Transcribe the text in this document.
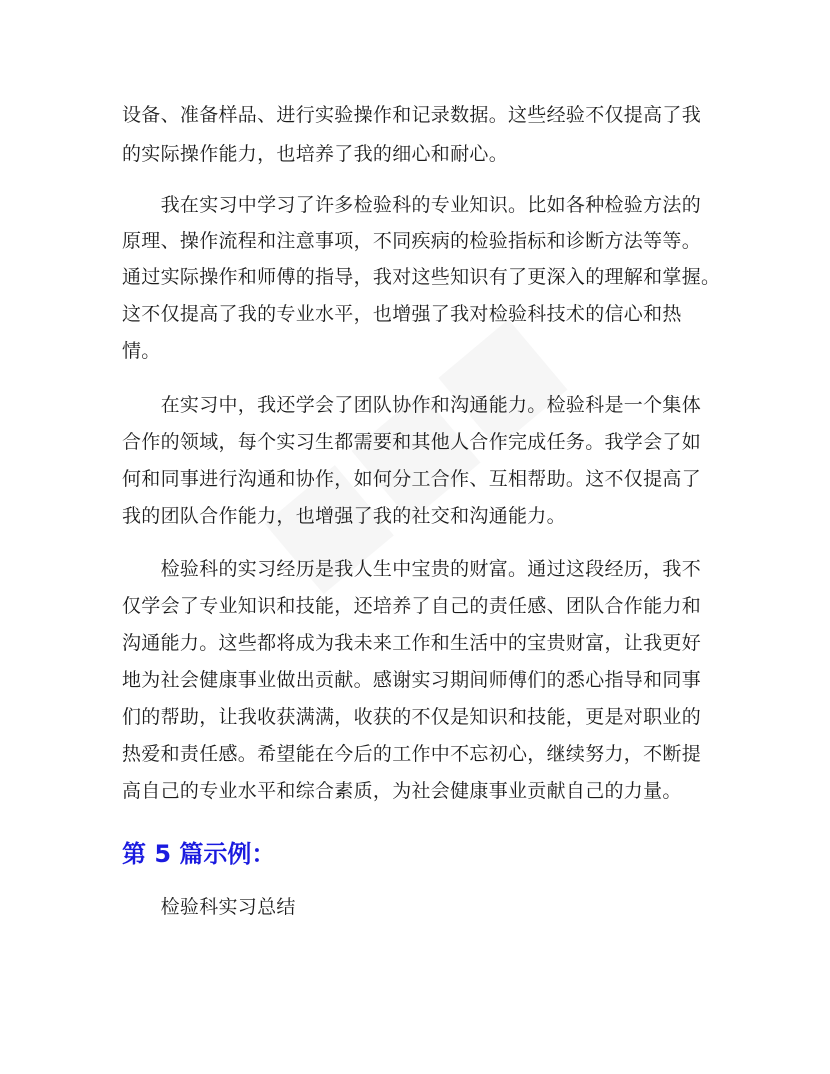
设备、准备样品、进行实验操作和记录数据。这些经验不仅提高了我
的实际操作能力，也培养了我的细心和耐心。
　　我在实习中学习了许多检验科的专业知识。比如各种检验方法的
原理、操作流程和注意事项，不同疾病的检验指标和诊断方法等等。
通过实际操作和师傅的指导，我对这些知识有了更深入的理解和掌握。
这不仅提高了我的专业水平，也增强了我对检验科技术的信心和热
情。
　　在实习中，我还学会了团队协作和沟通能力。检验科是一个集体
合作的领域，每个实习生都需要和其他人合作完成任务。我学会了如
何和同事进行沟通和协作，如何分工合作、互相帮助。这不仅提高了
我的团队合作能力，也增强了我的社交和沟通能力。
　　检验科的实习经历是我人生中宝贵的财富。通过这段经历，我不
仅学会了专业知识和技能，还培养了自己的责任感、团队合作能力和
沟通能力。这些都将成为我未来工作和生活中的宝贵财富，让我更好
地为社会健康事业做出贡献。感谢实习期间师傅们的悉心指导和同事
们的帮助，让我收获满满，收获的不仅是知识和技能，更是对职业的
热爱和责任感。希望能在今后的工作中不忘初心，继续努力，不断提
高自己的专业水平和综合素质，为社会健康事业贡献自己的力量。
第 5 篇示例：
　　检验科实习总结
